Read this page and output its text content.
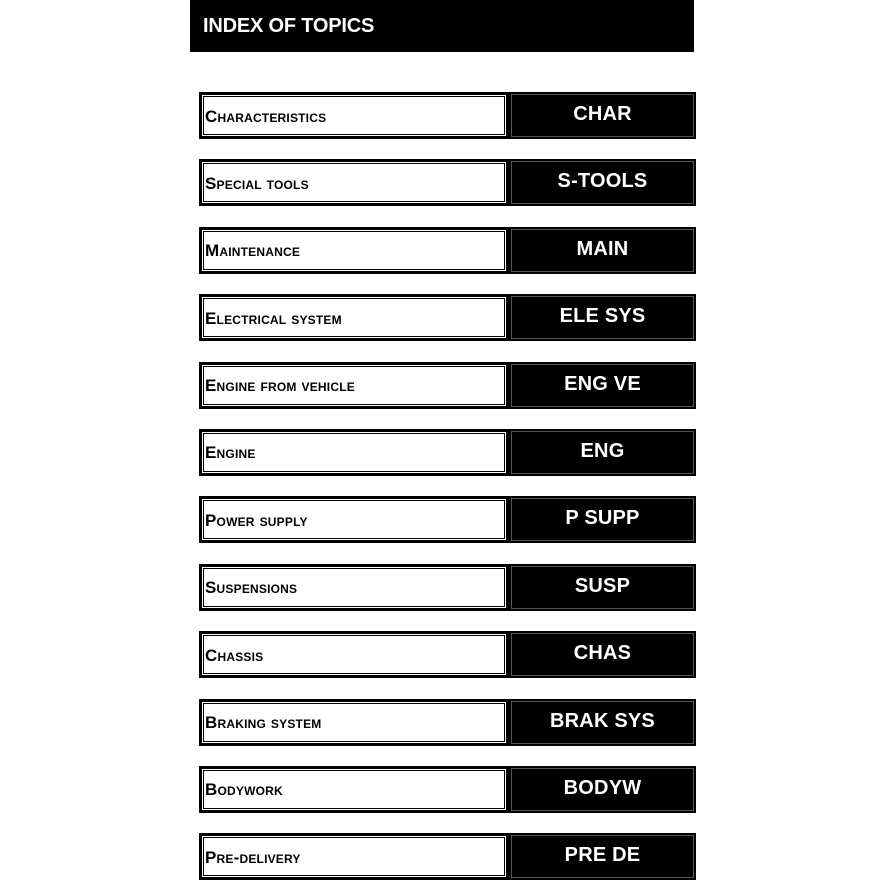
INDEX OF TOPICS
Characteristics	CHAR
Special tools	S-TOOLS
Maintenance	MAIN
Electrical system	ELE SYS
Engine from vehicle	ENG VE
Engine	ENG
Power supply	P SUPP
Suspensions	SUSP
Chassis	CHAS
Braking system	BRAK SYS
Bodywork	BODYW
Pre-delivery	PRE DE
